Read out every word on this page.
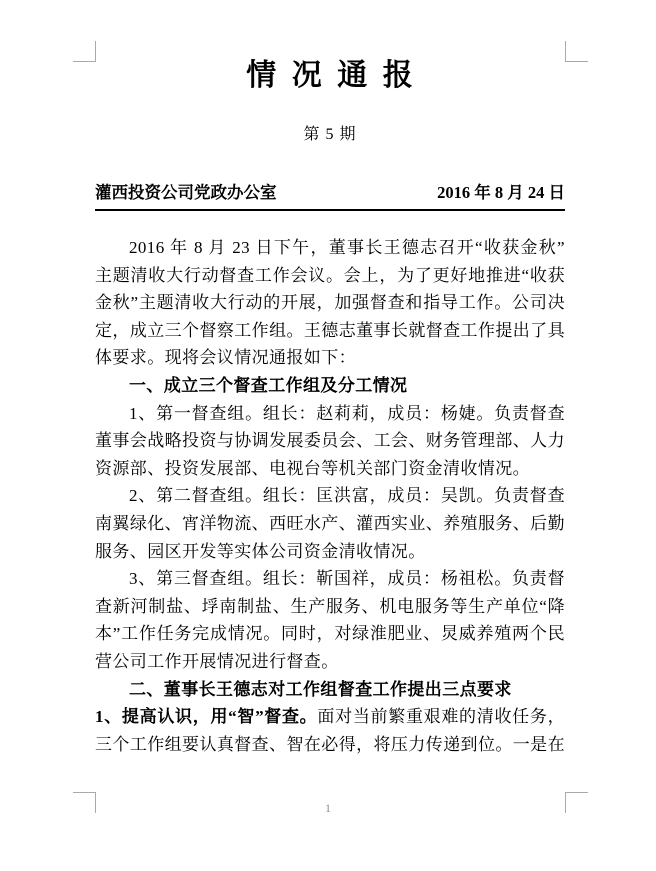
情 况 通 报
第 5 期
灌西投资公司党政办公室	2016 年 8 月 24 日
2016 年 8 月 23 日下午，董事长王德志召开“收获金秋”
主题清收大行动督查工作会议。会上，为了更好地推进“收获
金秋”主题清收大行动的开展，加强督查和指导工作。公司决
定，成立三个督察工作组。王德志董事长就督查工作提出了具
体要求。现将会议情况通报如下：
一、成立三个督查工作组及分工情况
1、第一督查组。组长：赵莉莉，成员：杨婕。负责督查
董事会战略投资与协调发展委员会、工会、财务管理部、人力
资源部、投资发展部、电视台等机关部门资金清收情况。
2、第二督查组。组长：匡洪富，成员：吴凯。负责督查
南翼绿化、宵洋物流、西旺水产、灌西实业、养殖服务、后勤
服务、园区开发等实体公司资金清收情况。
3、第三督查组。组长：靳国祥，成员：杨祖松。负责督
查新河制盐、垺南制盐、生产服务、机电服务等生产单位“降
本”工作任务完成情况。同时，对绿淮肥业、炅威养殖两个民
营公司工作开展情况进行督查。
二、董事长王德志对工作组督查工作提出三点要求
1、提高认识，用“智”督查。面对当前繁重艰难的清收任务，
三个工作组要认真督查、智在必得，将压力传递到位。一是在
1
